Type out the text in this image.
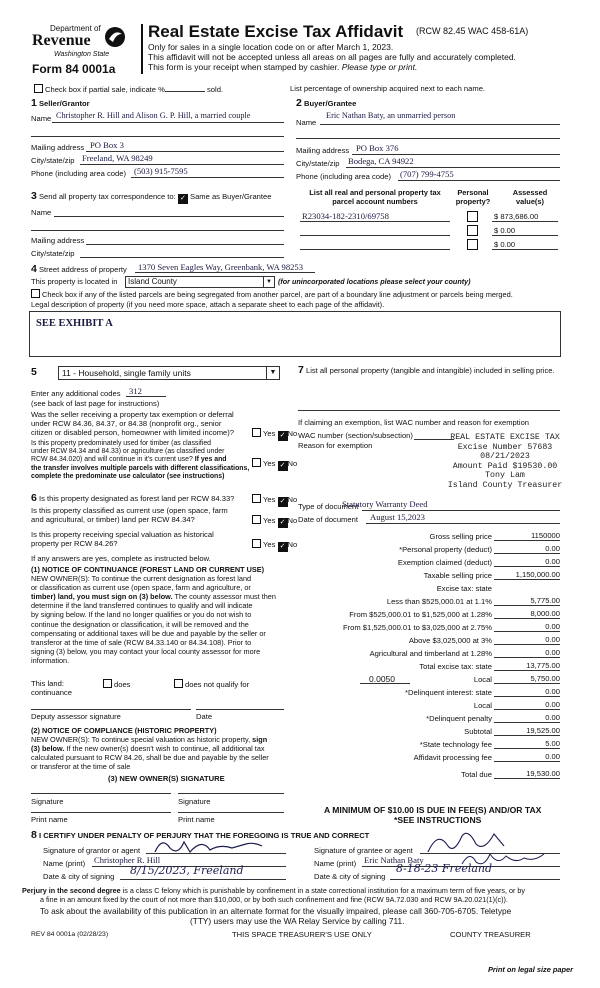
Department of
Revenue
Washington State
Form 84 0001a
Real Estate Excise Tax Affidavit (RCW 82.45 WAC 458-61A)
Only for sales in a single location code on or after March 1, 2023.
This affidavit will not be accepted unless all areas on all pages are fully and accurately completed.
This form is your receipt when stamped by cashier. Please type or print.
Check box if partial sale, indicate %	sold.	List percentage of ownership acquired next to each name.
1 Seller/Grantor
Name Christopher R. Hill and Alison G. P. Hill, a married couple
Mailing address PO Box 3
City/state/zip Freeland, WA 98249
Phone (including area code) (503) 915-7595
2 Buyer/Grantee
Name
Eric Nathan Baty, an unmarried person
Mailing address PO Box 376
City/state/zip Bodega, CA 94922
Phone (including area code) (707) 799-4755
3 Send all property tax correspondence to: ✓ Same as Buyer/Grantee
Name
Mailing address
City/state/zip
List all real and personal property tax
parcel account numbers
Personal
property?
Assessed
value(s)
R23034-182-2310/69758	$ 873,686.00
$ 0.00
$ 0.00
4 Street address of property 1370 Seven Eagles Way, Greenbank, WA 98253
This property is located in Island County	▼ (for unincorporated locations please select your county)
Check box if any of the listed parcels are being segregated from another parcel, are part of a boundary line adjustment or parcels being merged.
Legal description of property (if you need more space, attach a separate sheet to each page of the affidavit).
SEE EXHIBIT A
5	11 - Household, single family units	▼
Enter any additional codes 312
(see back of last page for instructions)
Was the seller receiving a property tax exemption or deferral
under RCW 84.36, 84.37, or 84.38 (nonprofit org., senior
citizen or disabled person, homeowner with limited income)?	Yes ✓ No
Is this property predominately used for timber (as classified
under RCW 84.34 and 84.33) or agriculture (as classified under
RCW 84.34.020) and will continue in it's current use? If yes and
the transfer involves multiple parcels with different classifications,
complete the predominate use calculator (see instructions)
Yes ✓ No
6 Is this property designated as forest land per RCW 84.33?	Yes ✓ No
Is this property classified as current use (open space, farm
and agricultural, or timber) land per RCW 84.34?	Yes ✓ No
Is this property receiving special valuation as historical
property per RCW 84.26?	Yes ✓ No
If any answers are yes, complete as instructed below.
(1) NOTICE OF CONTINUANCE (FOREST LAND OR CURRENT USE)
NEW OWNER(S): To continue the current designation as forest land
or classification as current use (open space, farm and agriculture, or
timber) land, you must sign on (3) below. The county assessor must then
determine if the land transferred continues to qualify and will indicate
by signing below. If the land no longer qualifies or you do not wish to
continue the designation or classification, it will be removed and the
compensating or additional taxes will be due and payable by the seller or
transferor at the time of sale (RCW 84.33.140 or 84.34.108). Prior to
signing (3) below, you may contact your local county assessor for more
information.
This land:
continuance
does	does not qualify for
Deputy assessor signature	Date
(2) NOTICE OF COMPLIANCE (HISTORIC PROPERTY)
NEW OWNER(S): To continue special valuation as historic property, sign
(3) below. If the new owner(s) doesn't wish to continue, all additional tax
calculated pursuant to RCW 84.26, shall be due and payable by the seller
or transferor at the time of sale
(3) NEW OWNER(S) SIGNATURE
Signature	Signature
Print name	Print name
7 List all personal property (tangible and intangible) included in selling price.
If claiming an exemption, list WAC number and reason for exemption
WAC number (section/subsection)
Reason for exemption
REAL ESTATE EXCISE TAX
Excise Number 57683
08/21/2023
Amount Paid $19530.00
Tony Lam
Island County Treasurer
Type of document
Statutory Warranty Deed
Date of document August 15,2023
Gross selling price	1150000
*Personal property (deduct)	0.00
Exemption claimed (deduct)	0.00
Taxable selling price	1,150,000.00
Excise tax: state
Less than $525,000.01 at 1.1%	5,775.00
From $525,000.01 to $1,525,000 at 1.28%	8,000.00
From $1,525,000.01 to $3,025,000 at 2.75%	0.00
Above $3,025,000 at 3%	0.00
Agricultural and timberland at 1.28%	0.00
Total excise tax: state	13,775.00
Local	5,750.00
*Delinquent interest: state	0.00
Local	0.00
*Delinquent penalty	0.00
Subtotal	19,525.00
*State technology fee	5.00
Affidavit processing fee	0.00
Total due	19,530.00
0.0050
A MINIMUM OF $10.00 IS DUE IN FEE(S) AND/OR TAX
*SEE INSTRUCTIONS
8 I CERTIFY UNDER PENALTY OF PERJURY THAT THE FOREGOING IS TRUE AND CORRECT
Signature of grantor or agent
Name (print) Christopher R. Hill
Date & city of signing 8/15/2023, Freeland
Signature of grantee or agent
Name (print) Eric Nathan Baty
Date & city of signing
8-18-23 Freeland
Perjury in the second degree is a class C felony which is punishable by confinement in a state correctional institution for a maximum term of five years, or by
a fine in an amount fixed by the court of not more than $10,000, or by both such confinement and fine (RCW 9A.72.030 and RCW 9A.20.021(1)(c)).
To ask about the availability of this publication in an alternate format for the visually impaired, please call 360-705-6705. Teletype
(TTY) users may use the WA Relay Service by calling 711.
REV 84 0001a (02/28/23)	THIS SPACE TREASURER'S USE ONLY	COUNTY TREASURER
Print on legal size paper
